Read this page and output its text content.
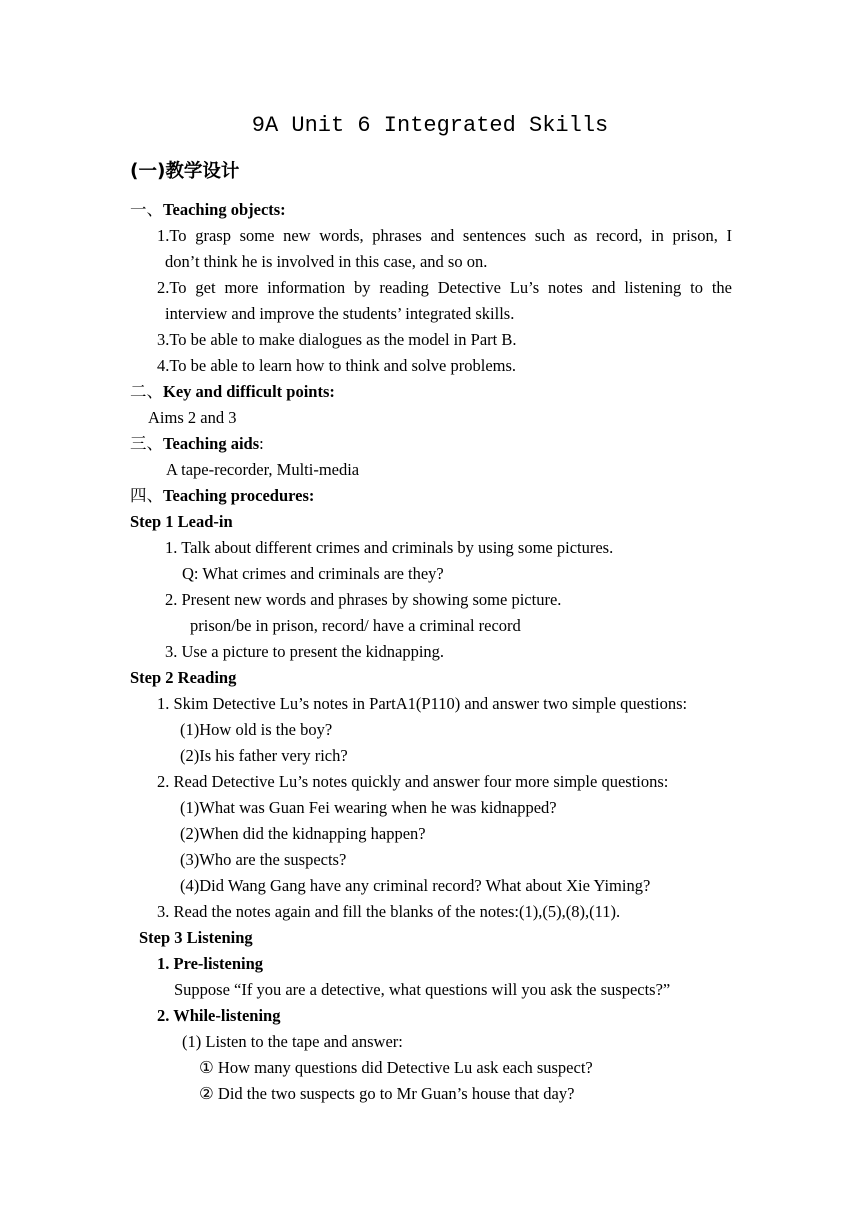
9A Unit 6 Integrated Skills
(一)教学设计
一、Teaching objects:
1.To grasp some new words, phrases and sentences such as record, in prison, I
don’t think he is involved in this case, and so on.
2.To get more information by reading Detective Lu’s notes and listening to the
interview and improve the students’ integrated skills.
3.To be able to make dialogues as the model in Part B.
4.To be able to learn how to think and solve problems.
二、Key and difficult points:
Aims 2 and 3
三、Teaching aids:
A tape-recorder, Multi-media
四、Teaching procedures:
Step 1 Lead-in
1. Talk about different crimes and criminals by using some pictures.
Q: What crimes and criminals are they?
2. Present new words and phrases by showing some picture.
prison/be in prison, record/ have a criminal record
3. Use a picture to present the kidnapping.
Step 2 Reading
1. Skim Detective Lu’s notes in PartA1(P110) and answer two simple questions:
(1)How old is the boy?
(2)Is his father very rich?
2. Read Detective Lu’s notes quickly and answer four more simple questions:
(1)What was Guan Fei wearing when he was kidnapped?
(2)When did the kidnapping happen?
(3)Who are the suspects?
(4)Did Wang Gang have any criminal record? What about Xie Yiming?
3. Read the notes again and fill the blanks of the notes:(1),(5),(8),(11).
Step 3 Listening
1. Pre-listening
Suppose “If you are a detective, what questions will you ask the suspects?”
2. While-listening
(1) Listen to the tape and answer:
① How many questions did Detective Lu ask each suspect?
② Did the two suspects go to Mr Guan’s house that day?
